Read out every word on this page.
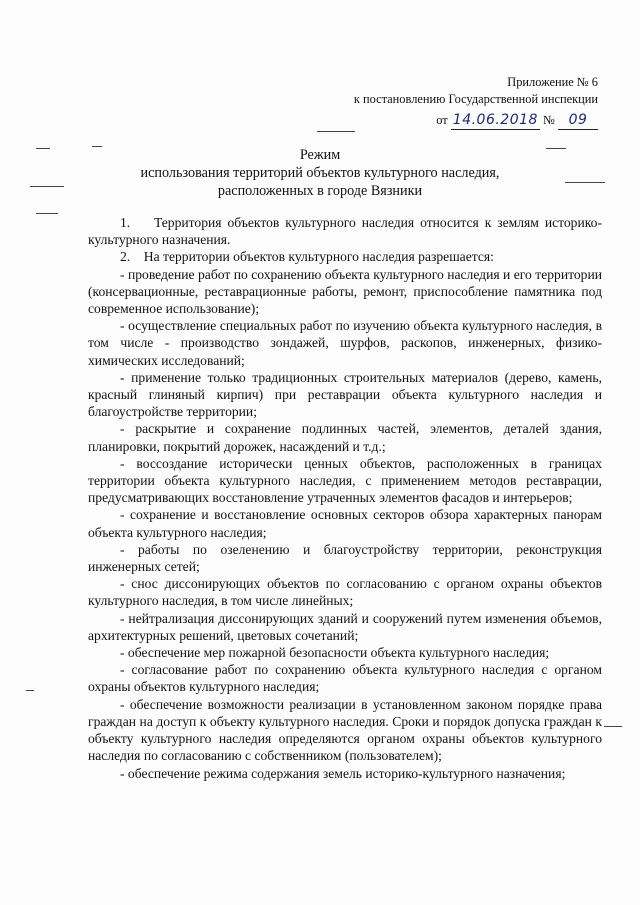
Приложение № 6
к постановлению Государственной инспекции
от 14.06.2018 № 09
Режим
использования территорий объектов культурного наследия,
расположенных в городе Вязники

1.    Территория объектов культурного наследия относится к землям историко-культурного назначения.

2.    На территории объектов культурного наследия разрешается:

- проведение работ по сохранению объекта культурного наследия и его территории (консервационные, реставрационные работы, ремонт, приспособление памятника под современное использование);

- осуществление специальных работ по изучению объекта культурного наследия, в том числе - производство зондажей, шурфов, раскопов, инженерных, физико-химических исследований;

- применение только традиционных строительных материалов (дерево, камень, красный глиняный кирпич) при реставрации объекта культурного наследия и благоустройстве территории;

- раскрытие и сохранение подлинных частей, элементов, деталей здания, планировки, покрытий дорожек, насаждений и т.д.;

- воссоздание исторически ценных объектов, расположенных в границах территории объекта культурного наследия, с применением методов реставрации, предусматривающих восстановление утраченных элементов фасадов и интерьеров;

- сохранение и восстановление основных секторов обзора характерных панорам объекта культурного наследия;

- работы по озеленению и благоустройству территории, реконструкция инженерных сетей;

- снос диссонирующих объектов по согласованию с органом охраны объектов культурного наследия, в том числе линейных;

- нейтрализация диссонирующих зданий и сооружений путем изменения объемов, архитектурных решений, цветовых сочетаний;

- обеспечение мер пожарной безопасности объекта культурного наследия;

- согласование работ по сохранению объекта культурного наследия с органом охраны объектов культурного наследия;

- обеспечение возможности реализации в установленном законом порядке права граждан на доступ к объекту культурного наследия. Сроки и порядок допуска граждан к объекту культурного наследия определяются органом охраны объектов культурного наследия по согласованию с собственником (пользователем);

- обеспечение режима содержания земель историко-культурного назначения;
